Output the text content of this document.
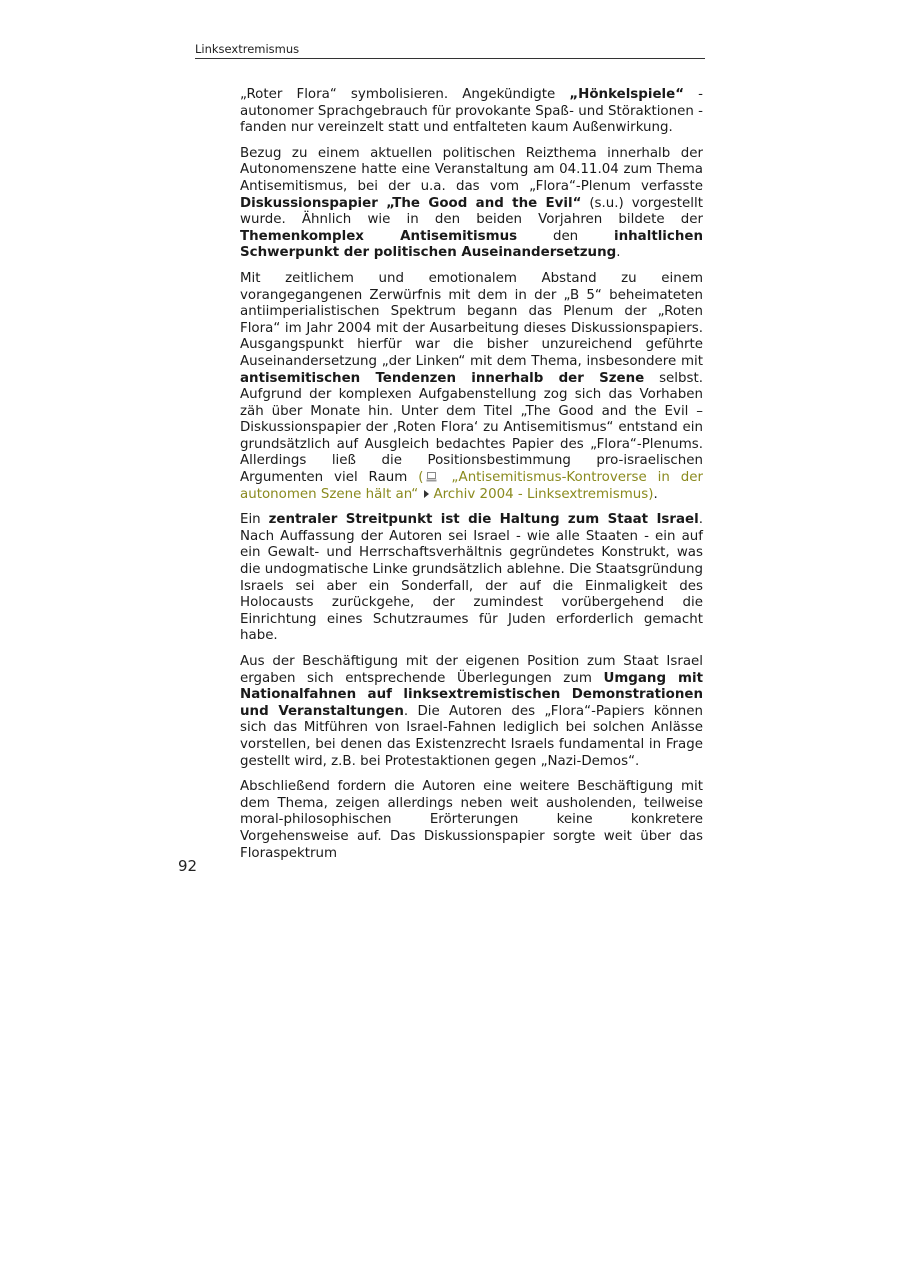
Linksextremismus

„Roter Flora“ symbolisieren. Angekündigte „Hönkelspiele“ - autonomer Sprachgebrauch für provokante Spaß- und Störaktionen - fanden nur vereinzelt statt und entfalteten kaum Außenwirkung.

Bezug zu einem aktuellen politischen Reizthema innerhalb der Autonomenszene hatte eine Veranstaltung am 04.11.04 zum Thema Antisemitismus, bei der u.a. das vom „Flora“-Plenum verfasste Diskussionspapier „The Good and the Evil“ (s.u.) vorgestellt wurde. Ähnlich wie in den beiden Vorjahren bildete der Themenkomplex Antisemitismus den inhaltlichen Schwerpunkt der politischen Auseinandersetzung.

Mit zeitlichem und emotionalem Abstand zu einem vorangegangenen Zerwürfnis mit dem in der „B 5“ beheimateten antiimperialistischen Spektrum begann das Plenum der „Roten Flora“ im Jahr 2004 mit der Ausarbeitung dieses Diskussionspapiers. Ausgangspunkt hierfür war die bisher unzureichend geführte Auseinandersetzung „der Linken“ mit dem Thema, insbesondere mit antisemitischen Tendenzen innerhalb der Szene selbst. Aufgrund der komplexen Aufgabenstellung zog sich das Vorhaben zäh über Monate hin. Unter dem Titel „The Good and the Evil – Diskussionspapier der ‚Roten Flora‘ zu Antisemitismus“ entstand ein grundsätzlich auf Ausgleich bedachtes Papier des „Flora“-Plenums. Allerdings ließ die Positionsbestimmung pro-israelischen Argumenten viel Raum ( „Antisemitismus-Kontroverse in der autonomen Szene hält an“ Archiv 2004 - Linksextremismus).

Ein zentraler Streitpunkt ist die Haltung zum Staat Israel. Nach Auffassung der Autoren sei Israel - wie alle Staaten - ein auf ein Gewalt- und Herrschaftsverhältnis gegründetes Konstrukt, was die undogmatische Linke grundsätzlich ablehne. Die Staatsgründung Israels sei aber ein Sonderfall, der auf die Einmaligkeit des Holocausts zurückgehe, der zumindest vorübergehend die Einrichtung eines Schutzraumes für Juden erforderlich gemacht habe.

Aus der Beschäftigung mit der eigenen Position zum Staat Israel ergaben sich entsprechende Überlegungen zum Umgang mit Nationalfahnen auf linksextremistischen Demonstrationen und Veranstaltungen. Die Autoren des „Flora“-Papiers können sich das Mitführen von Israel-Fahnen lediglich bei solchen Anlässe vorstellen, bei denen das Existenzrecht Israels fundamental in Frage gestellt wird, z.B. bei Protestaktionen gegen „Nazi-Demos“.

Abschließend fordern die Autoren eine weitere Beschäftigung mit dem Thema, zeigen allerdings neben weit ausholenden, teilweise moral-philosophischen Erörterungen keine konkretere Vorgehensweise auf. Das Diskussionspapier sorgte weit über das Floraspektrum

92
